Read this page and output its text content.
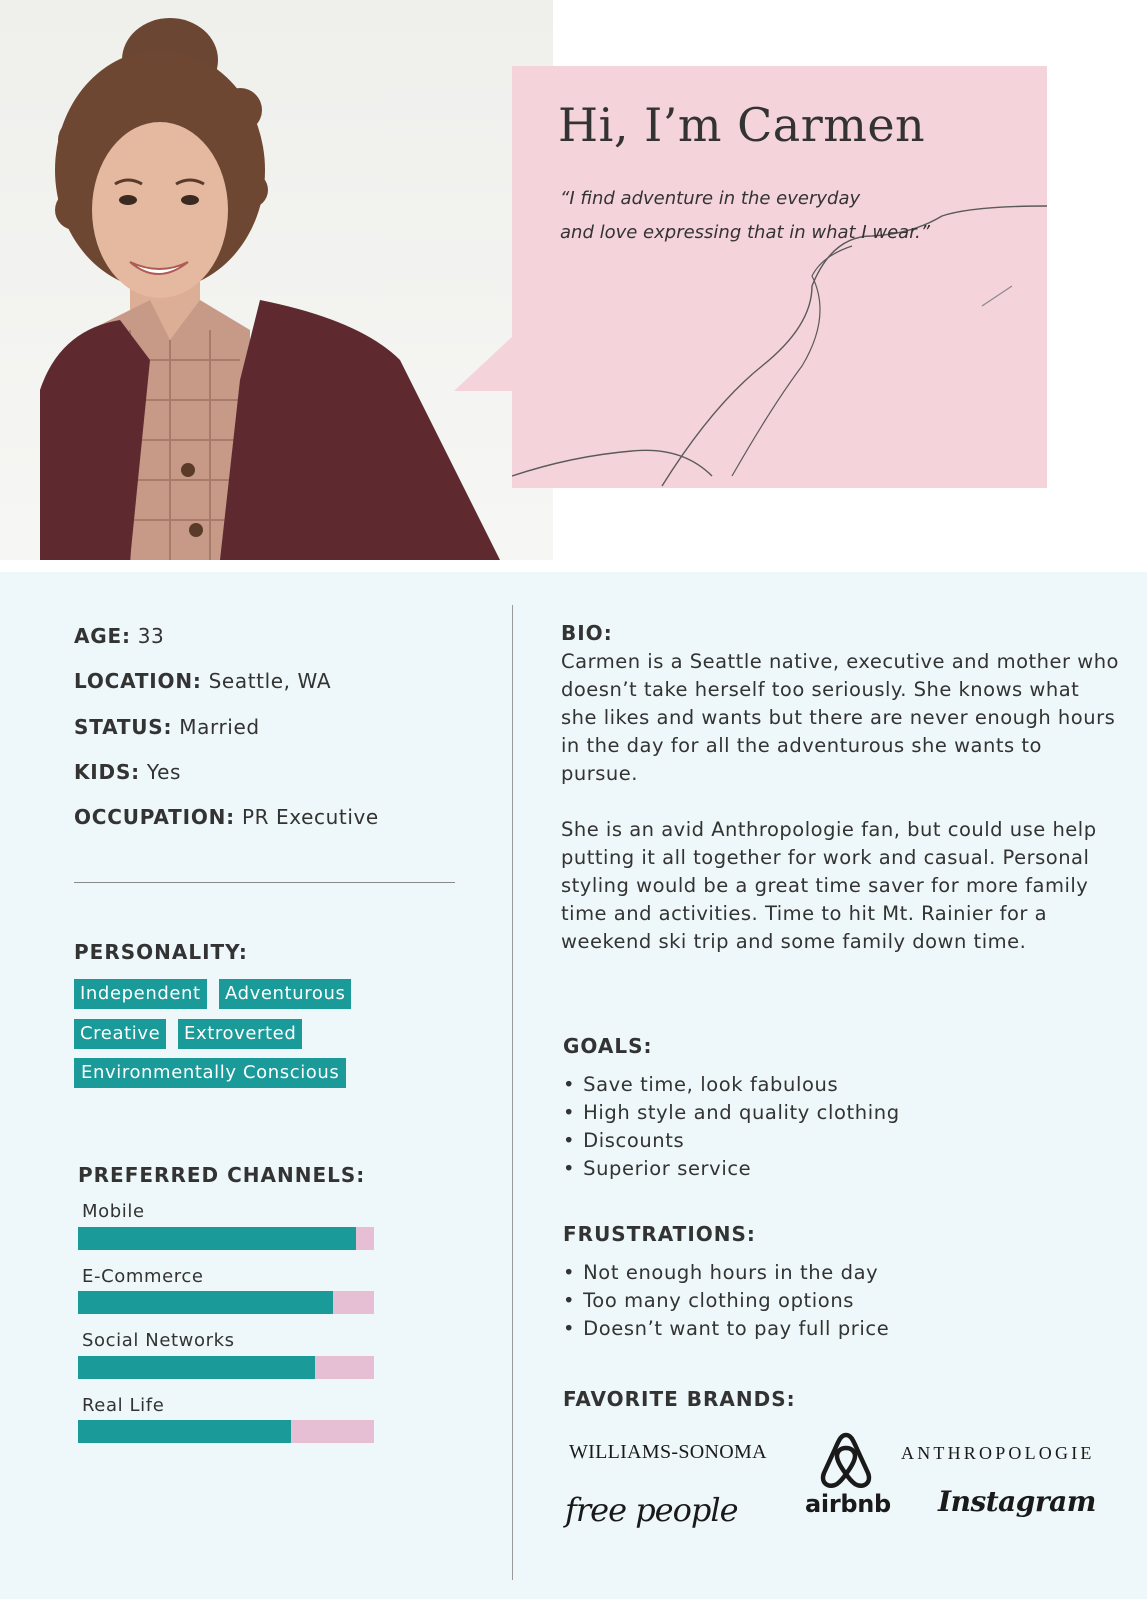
Hi, I’m Carmen

“I find adventure in the everyday
and love expressing that in what I wear.”

AGE: 33
LOCATION: Seattle, WA
STATUS: Married
KIDS: Yes
OCCUPATION: PR Executive
PERSONALITY:
Independent	Adventurous
Creative	Extroverted
Environmentally Conscious
PREFERRED CHANNELS:
Mobile
E-Commerce
Social Networks
Real Life
BIO:

Carmen is a Seattle native, executive and mother who doesn’t take herself too seriously. She knows what she likes and wants but there are never enough hours in the day for all the adventurous she wants to pursue.

She is an avid Anthropologie fan, but could use help putting it all together for work and casual. Personal styling would be a great time saver for more family time and activities. Time to hit Mt. Rainier for a weekend ski trip and some family down time.

GOALS:
• Save time, look fabulous
• High style and quality clothing
• Discounts
• Superior service
FRUSTRATIONS:
• Not enough hours in the day
• Too many clothing options
• Doesn’t want to pay full price
FAVORITE BRANDS:
WILLIAMS-SONOMA	ANTHROPOLOGIE
free people	airbnb Instagram
